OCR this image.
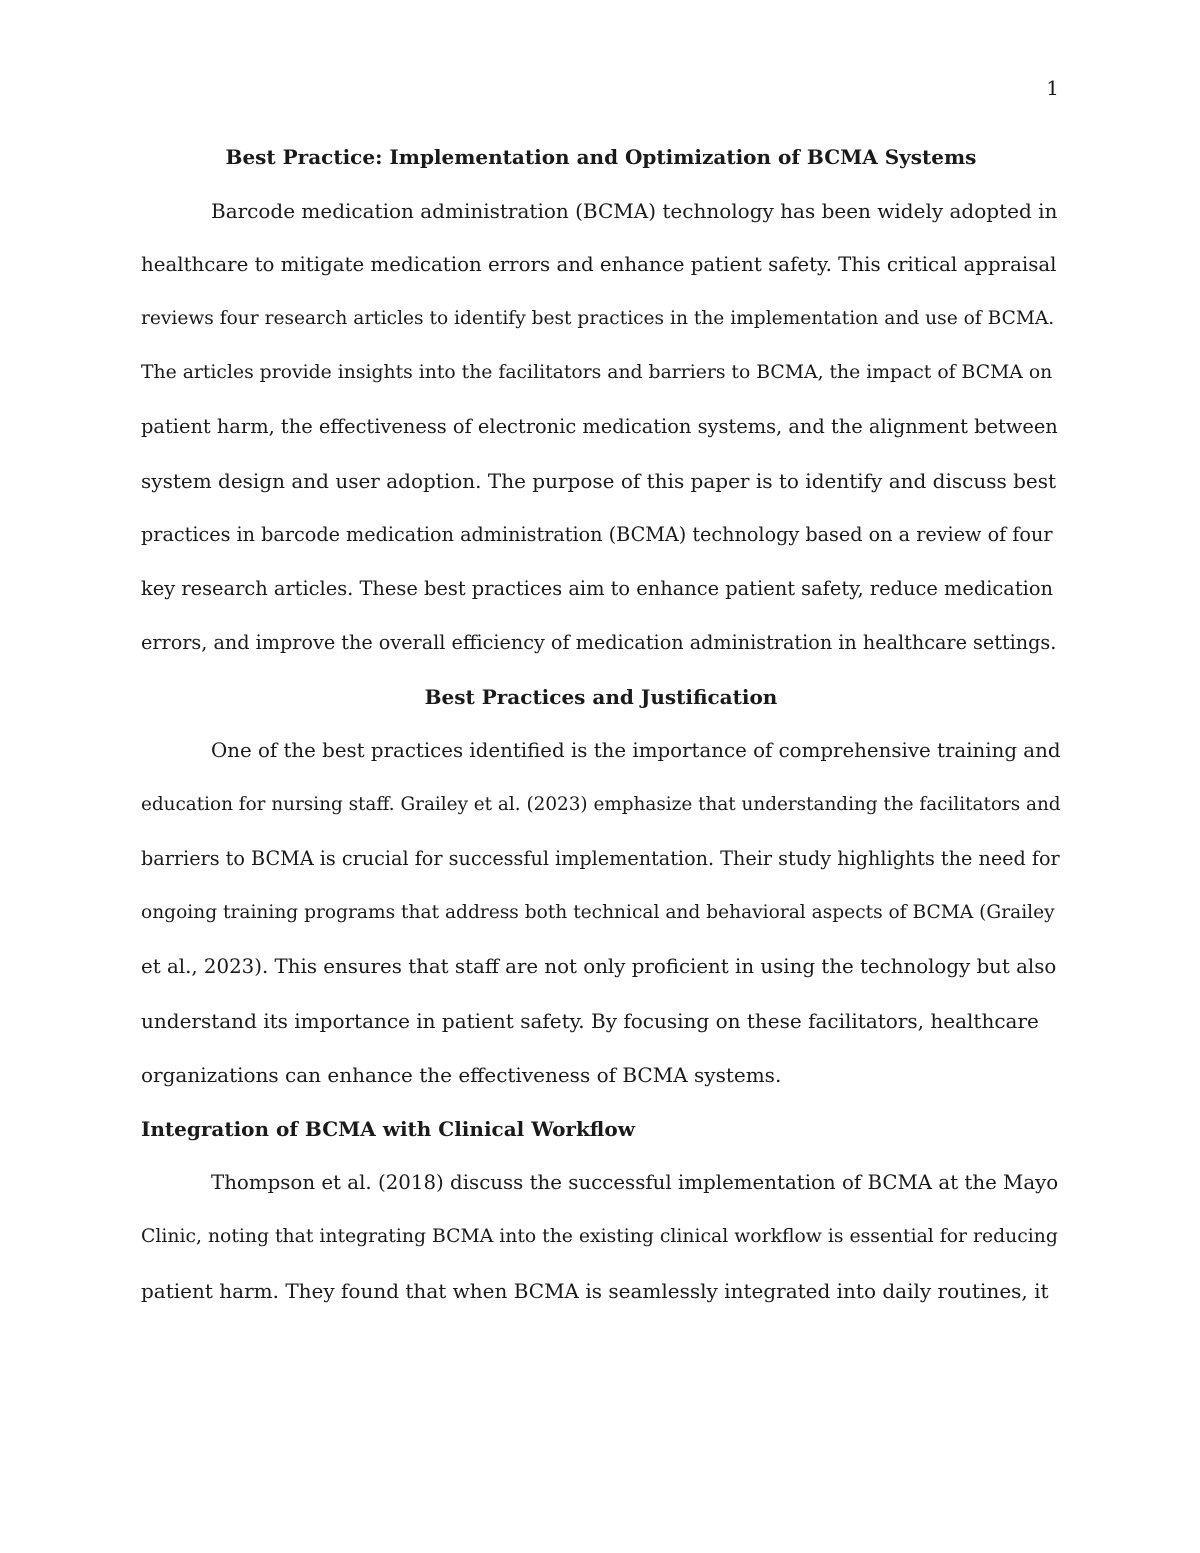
1
Best Practice: Implementation and Optimization of BCMA Systems
Barcode medication administration (BCMA) technology has been widely adopted in
healthcare to mitigate medication errors and enhance patient safety. This critical appraisal
reviews four research articles to identify best practices in the implementation and use of BCMA.
The articles provide insights into the facilitators and barriers to BCMA, the impact of BCMA on
patient harm, the effectiveness of electronic medication systems, and the alignment between
system design and user adoption. The purpose of this paper is to identify and discuss best
practices in barcode medication administration (BCMA) technology based on a review of four
key research articles. These best practices aim to enhance patient safety, reduce medication
errors, and improve the overall efficiency of medication administration in healthcare settings.
Best Practices and Justification
One of the best practices identified is the importance of comprehensive training and
education for nursing staff. Grailey et al. (2023) emphasize that understanding the facilitators and
barriers to BCMA is crucial for successful implementation. Their study highlights the need for
ongoing training programs that address both technical and behavioral aspects of BCMA (Grailey
et al., 2023). This ensures that staff are not only proficient in using the technology but also
understand its importance in patient safety. By focusing on these facilitators, healthcare
organizations can enhance the effectiveness of BCMA systems.
Integration of BCMA with Clinical Workflow
Thompson et al. (2018) discuss the successful implementation of BCMA at the Mayo
Clinic, noting that integrating BCMA into the existing clinical workflow is essential for reducing
patient harm. They found that when BCMA is seamlessly integrated into daily routines, it
